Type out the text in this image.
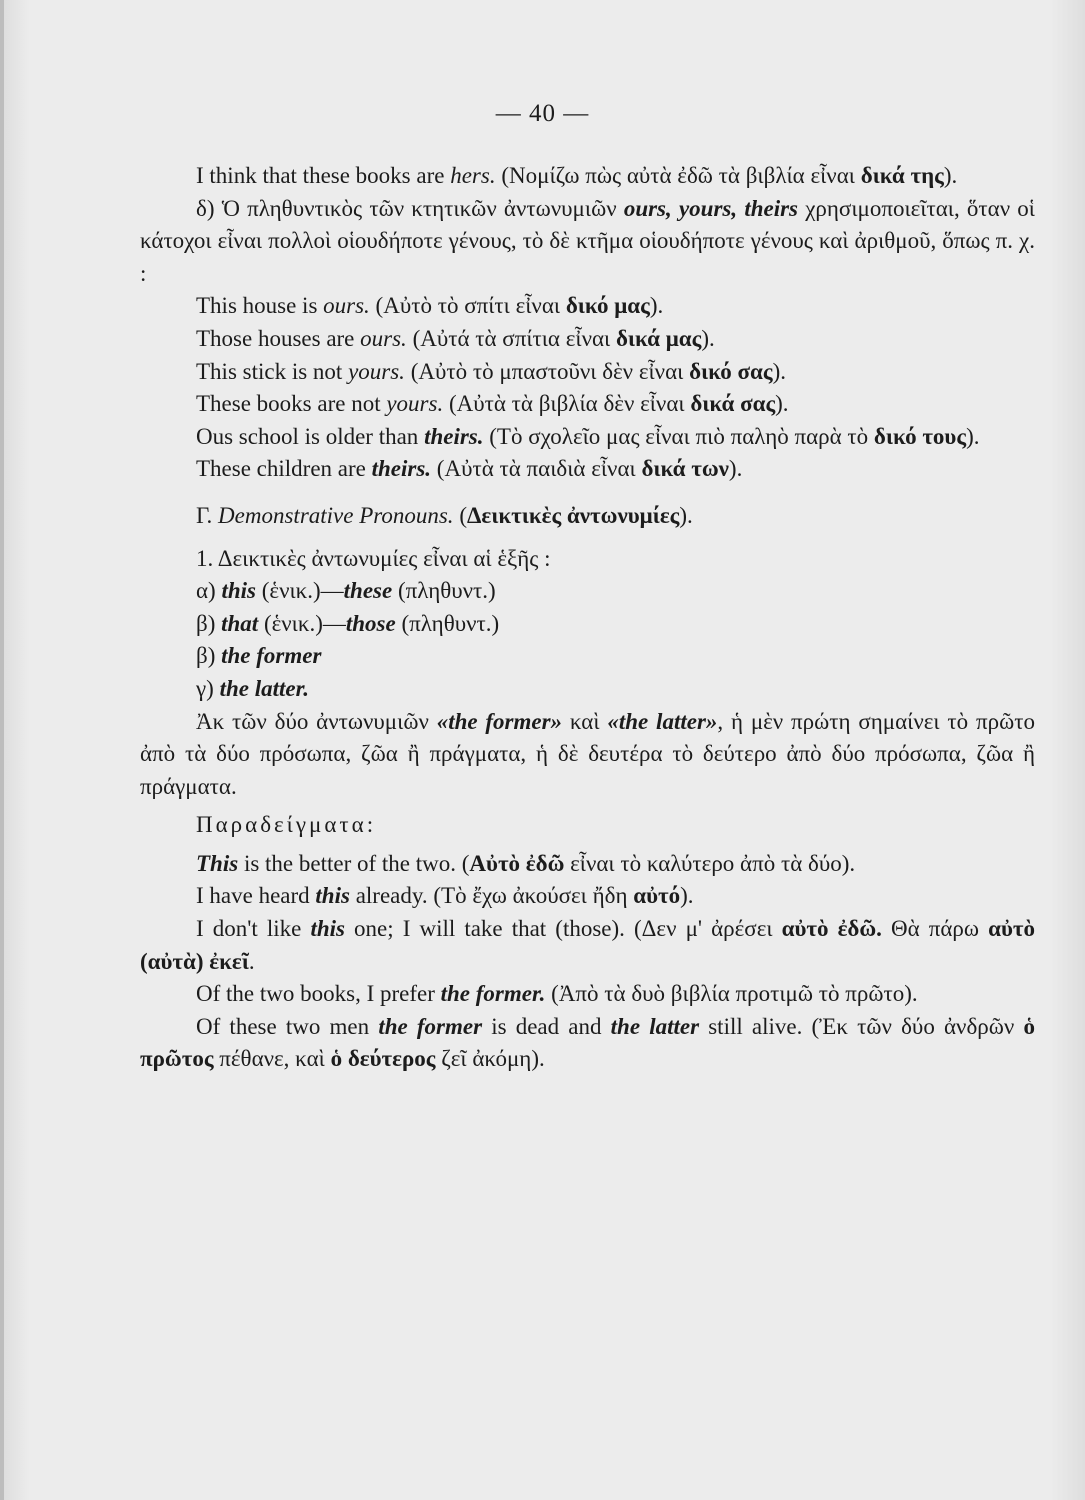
— 40 —

I think that these books are hers. (Νομίζω πὼς αὐτὰ ἐδῶ τὰ βιβλία εἶναι δικά της).

δ) Ὁ πληθυντικὸς τῶν κτητικῶν ἀντωνυμιῶν ours, yours, theirs χρησιμοποιεῖται, ὅταν οἱ κάτοχοι εἶναι πολλοὶ οἱουδήποτε γένους, τὸ δὲ κτῆμα οἱουδήποτε γένους καὶ ἀριθμοῦ, ὅπως π. χ. :

This house is ours. (Αὐτὸ τὸ σπίτι εἶναι δικό μας).

Those houses are ours. (Αὐτά τὰ σπίτια εἶναι δικά μας).

This stick is not yours. (Αὐτὸ τὸ μπαστοῦνι δὲν εἶναι δικό σας).

These books are not yours. (Αὐτὰ τὰ βιβλία δὲν εἶναι δικά σας).

Ous school is older than theirs. (Τὸ σχολεῖο μας εἶναι πιὸ παληὸ παρὰ τὸ δικό τους).

These children are theirs. (Αὐτὰ τὰ παιδιὰ εἶναι δικά των).

Γ. Demonstrative Pronouns. (Δεικτικὲς ἀντωνυμίες).

1. Δεικτικὲς ἀντωνυμίες εἶναι αἱ ἑξῆς :

α) this (ἑνικ.)—these (πληθυντ.)

β) that (ἑνικ.)—those (πληθυντ.)

β) the former

γ) the latter.

Ἀκ τῶν δύο ἀντωνυμιῶν «the former» καὶ «the latter», ἡ μὲν πρώτη σημαίνει τὸ πρῶτο ἀπὸ τὰ δύο πρόσωπα, ζῶα ἢ πράγματα, ἡ δὲ δευτέρα τὸ δεύτερο ἀπὸ δύο πρόσωπα, ζῶα ἢ πράγματα.

Παραδείγματα:

This is the better of the two. (Αὐτὸ ἐδῶ εἶναι τὸ καλύτερο ἀπὸ τὰ δύο).

I have heard this already. (Τὸ ἔχω ἀκούσει ἤδη αὐτό).

I don't like this one; I will take that (those). (Δεν μ' ἀρέσει αὐτὸ ἐδῶ. Θὰ πάρω αὐτὸ (αὐτὰ) ἐκεῖ.

Of the two books, I prefer the former. (Ἀπὸ τὰ δυὸ βιβλία προτιμῶ τὸ πρῶτο).

Of these two men the former is dead and the latter still alive. (Ἐκ τῶν δύο ἀνδρῶν ὁ πρῶτος πέθανε, καὶ ὁ δεύτερος ζεῖ ἀκόμη).
